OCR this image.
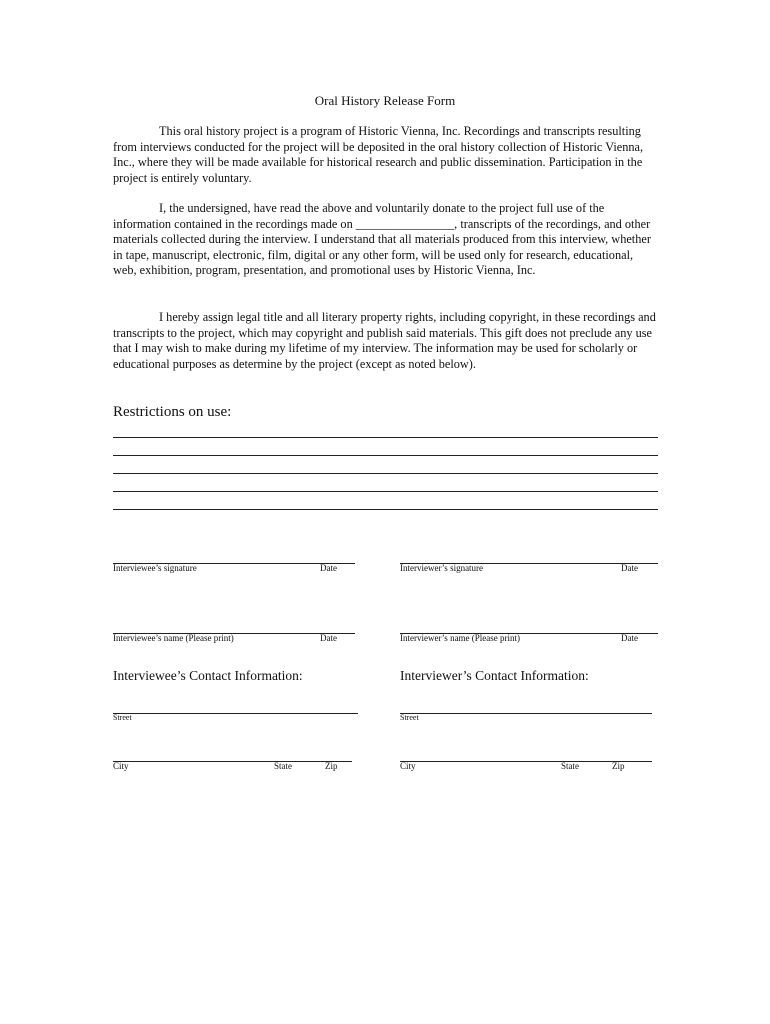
Oral History Release Form
This oral history project is a program of Historic Vienna, Inc. Recordings and transcripts resulting from interviews conducted for the project will be deposited in the oral history collection of Historic Vienna, Inc., where they will be made available for historical research and public dissemination. Participation in the project is entirely voluntary.
I, the undersigned, have read the above and voluntarily donate to the project full use of the information contained in the recordings made on ________________, transcripts of the recordings, and other materials collected during the interview. I understand that all materials produced from this interview, whether in tape, manuscript, electronic, film, digital or any other form, will be used only for research, educational, web, exhibition, program, presentation, and promotional uses by Historic Vienna, Inc.
I hereby assign legal title and all literary property rights, including copyright, in these recordings and transcripts to the project, which may copyright and publish said materials. This gift does not preclude any use that I may wish to make during my lifetime of my interview. The information may be used for scholarly or educational purposes as determine by the project (except as noted below).
Restrictions on use:
Interviewee’s signature	Date	Interviewer’s signature	Date
Interviewee’s name (Please print)	Date	Interviewer’s name (Please print)	Date
Interviewee’s Contact Information:	Interviewer’s Contact Information:
Street	Street
City	State	Zip	City	State	Zip
